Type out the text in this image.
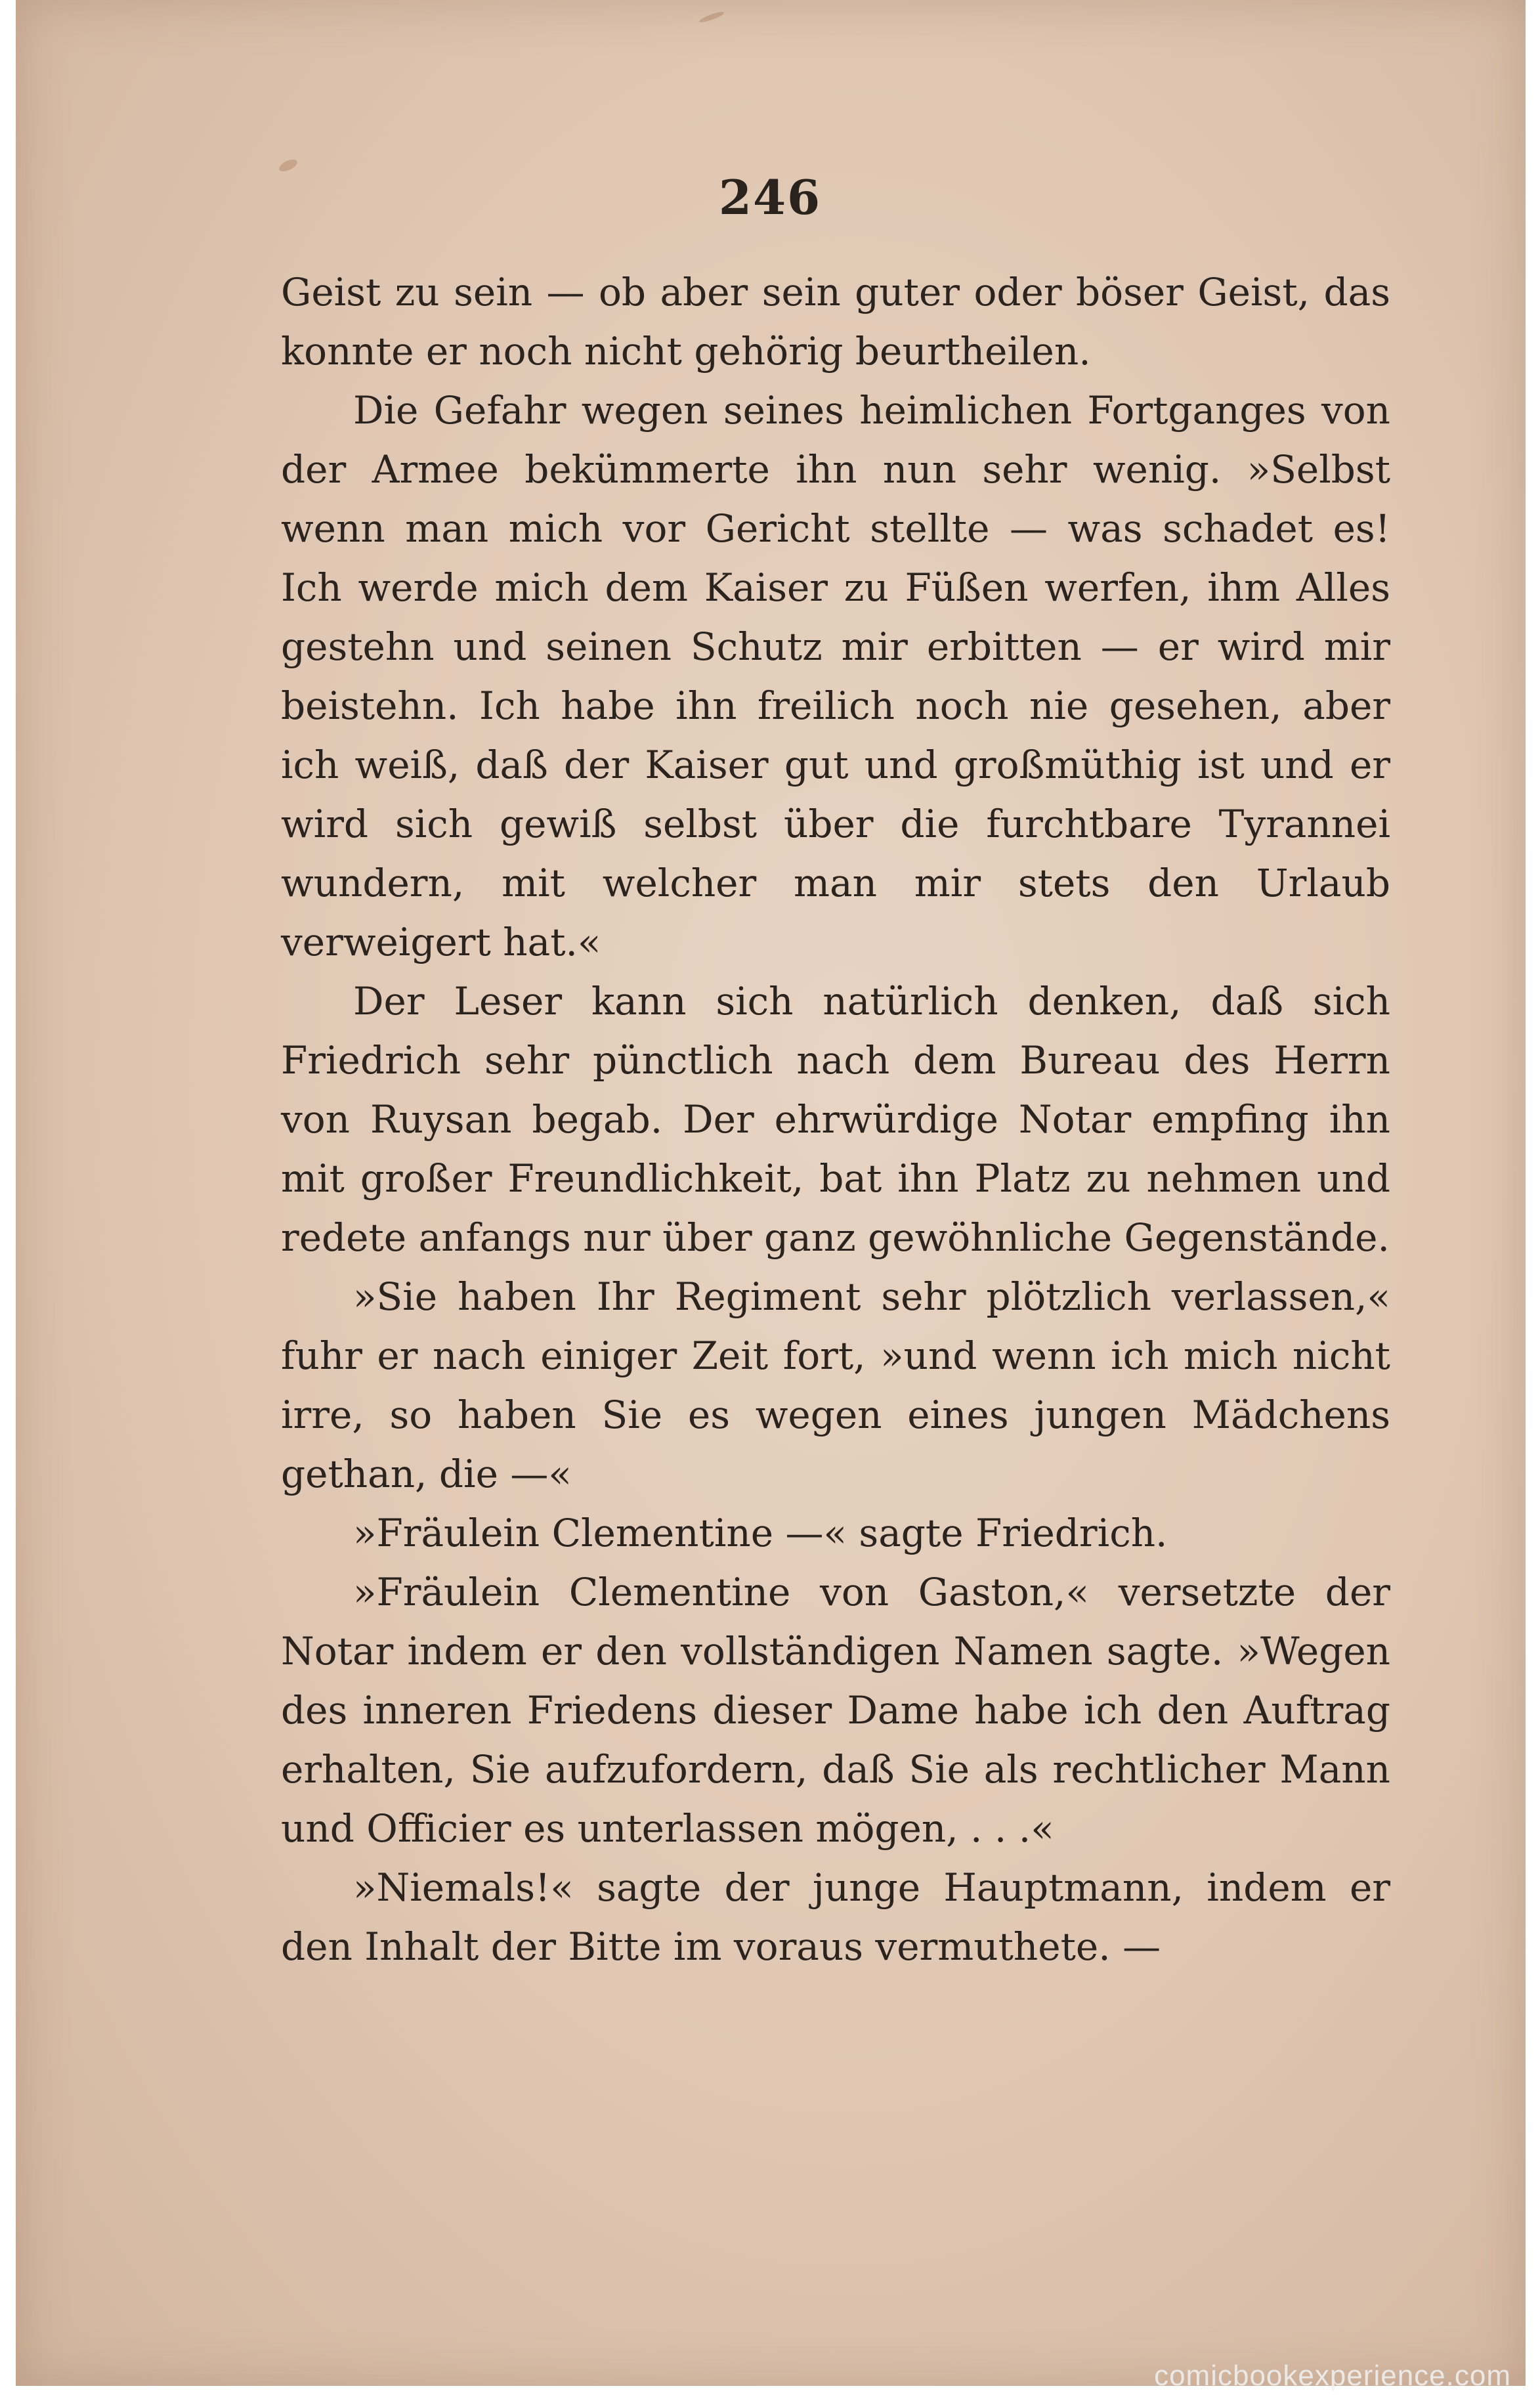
246

Geist zu sein — ob aber sein guter oder böser Geist, das konnte er noch nicht gehörig beurtheilen.

Die Gefahr wegen seines heimlichen Fortganges von der Armee bekümmerte ihn nun sehr wenig. »Selbst wenn man mich vor Gericht stellte — was schadet es! Ich werde mich dem Kaiser zu Füßen werfen, ihm Alles gestehn und seinen Schutz mir erbitten — er wird mir beistehn. Ich habe ihn freilich noch nie gesehen, aber ich weiß, daß der Kaiser gut und großmüthig ist und er wird sich gewiß selbst über die furchtbare Tyrannei wundern, mit welcher man mir stets den Urlaub verweigert hat.«

Der Leser kann sich natürlich denken, daß sich Friedrich sehr pünctlich nach dem Bureau des Herrn von Ruysan begab. Der ehrwürdige Notar empfing ihn mit großer Freundlichkeit, bat ihn Platz zu nehmen und redete anfangs nur über ganz gewöhnliche Gegenstände.

»Sie haben Ihr Regiment sehr plötzlich verlassen,« fuhr er nach einiger Zeit fort, »und wenn ich mich nicht irre, so haben Sie es wegen eines jungen Mädchens gethan, die —«

»Fräulein Clementine —« sagte Friedrich.

»Fräulein Clementine von Gaston,« versetzte der Notar indem er den vollständigen Namen sagte. »Wegen des inneren Friedens dieser Dame habe ich den Auftrag erhalten, Sie aufzufordern, daß Sie als rechtlicher Mann und Officier es unterlassen mögen, . . .«

»Niemals!« sagte der junge Hauptmann, indem er den Inhalt der Bitte im voraus vermuthete. —

comicbookexperience.com
